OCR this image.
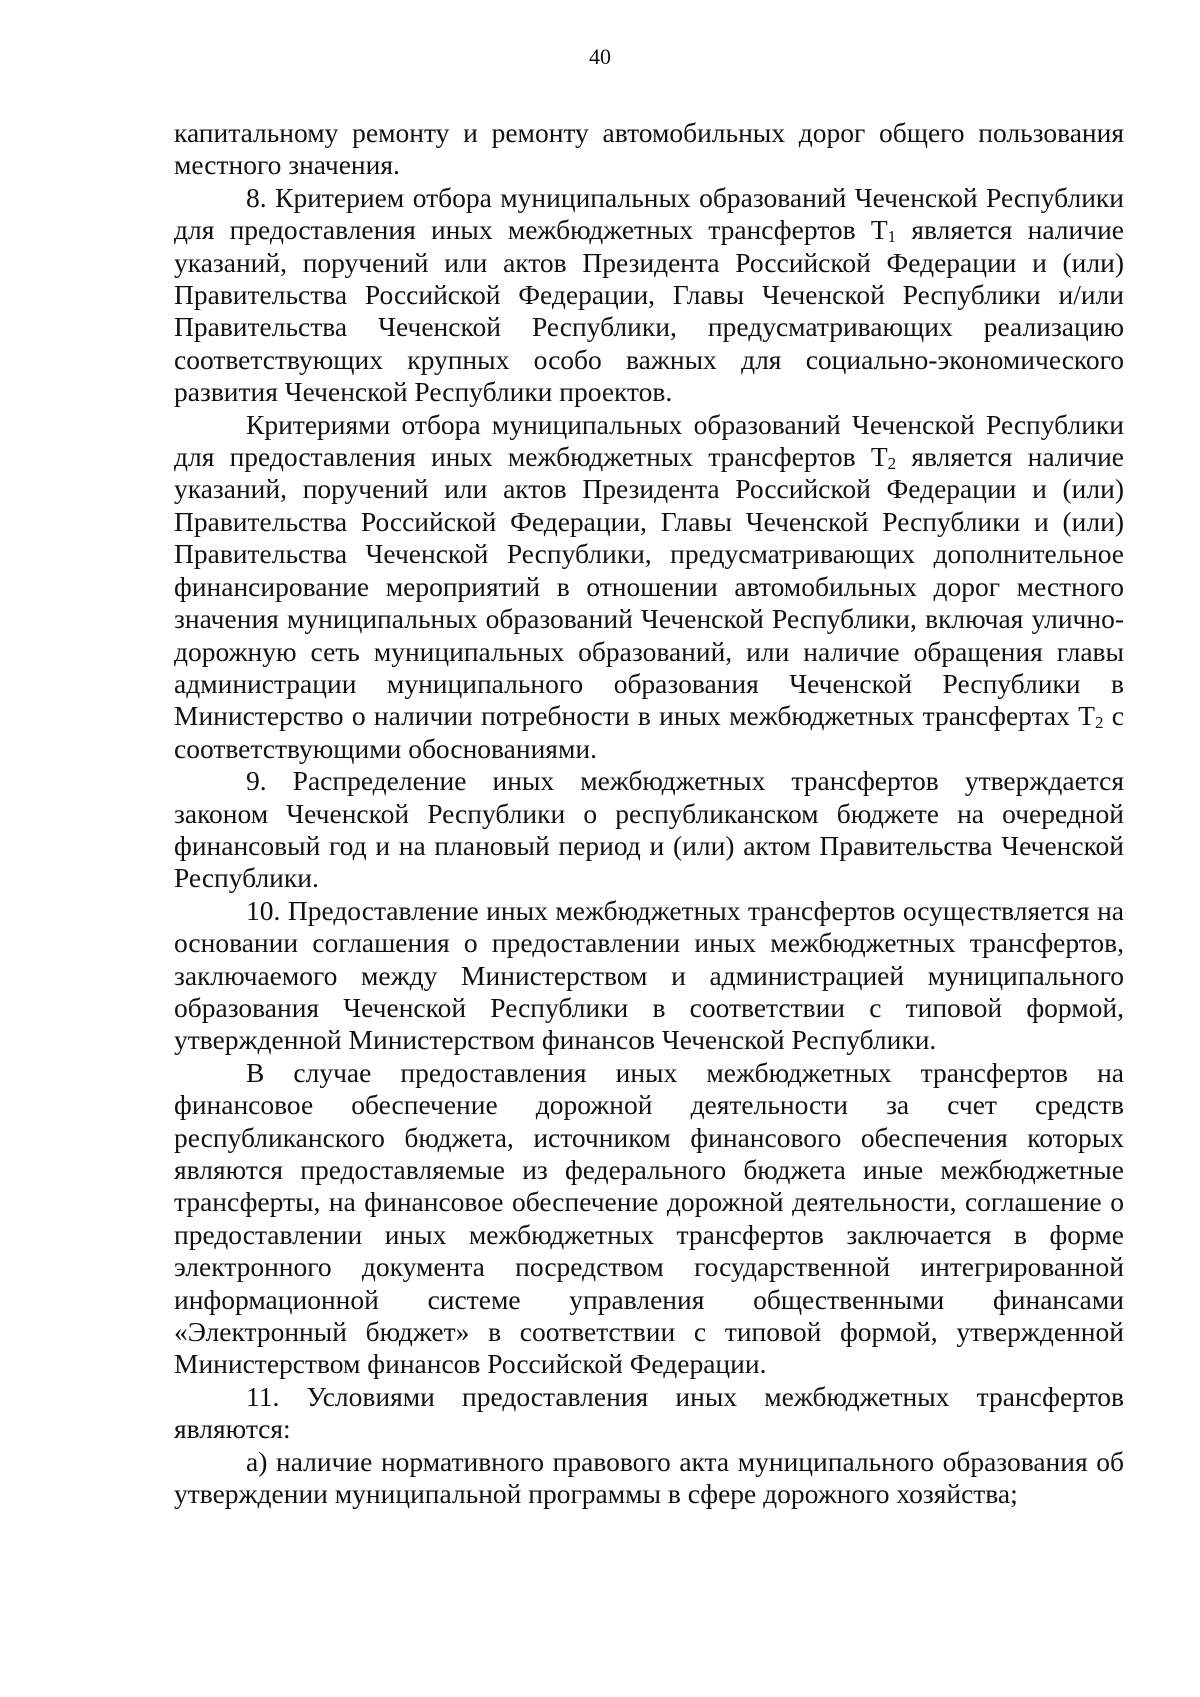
40

капитальному ремонту и ремонту автомобильных дорог общего пользования местного значения.

8. Критерием отбора муниципальных образований Чеченской Республики для предоставления иных межбюджетных трансфертов $Т_1$ является наличие указаний, поручений или актов Президента Российской Федерации и (или) Правительства Российской Федерации, Главы Чеченской Республики и/или Правительства Чеченской Республики, предусматривающих реализацию соответствующих крупных особо важных для социально-экономического развития Чеченской Республики проектов.

Критериями отбора муниципальных образований Чеченской Республики для предоставления иных межбюджетных трансфертов $Т_2$ является наличие указаний, поручений или актов Президента Российской Федерации и (или) Правительства Российской Федерации, Главы Чеченской Республики и (или) Правительства Чеченской Республики, предусматривающих дополнительное финансирование мероприятий в отношении автомобильных дорог местного значения муниципальных образований Чеченской Республики, включая улично-дорожную сеть муниципальных образований, или наличие обращения главы администрации муниципального образования Чеченской Республики в Министерство о наличии потребности в иных межбюджетных трансфертах $Т_2$ с соответствующими обоснованиями.

9. Распределение иных межбюджетных трансфертов утверждается законом Чеченской Республики о республиканском бюджете на очередной финансовый год и на плановый период и (или) актом Правительства Чеченской Республики.

10. Предоставление иных межбюджетных трансфертов осуществляется на основании соглашения о предоставлении иных межбюджетных трансфертов, заключаемого между Министерством и администрацией муниципального образования Чеченской Республики в соответствии с типовой формой, утвержденной Министерством финансов Чеченской Республики.

В случае предоставления иных межбюджетных трансфертов на финансовое обеспечение дорожной деятельности за счет средств республиканского бюджета, источником финансового обеспечения которых являются предоставляемые из федерального бюджета иные межбюджетные трансферты, на финансовое обеспечение дорожной деятельности, соглашение о предоставлении иных межбюджетных трансфертов заключается в форме электронного документа посредством государственной интегрированной информационной системе управления общественными финансами «Электронный бюджет» в соответствии с типовой формой, утвержденной Министерством финансов Российской Федерации.

11. Условиями предоставления иных межбюджетных трансфертов являются:

а) наличие нормативного правового акта муниципального образования об утверждении муниципальной программы в сфере дорожного хозяйства;
